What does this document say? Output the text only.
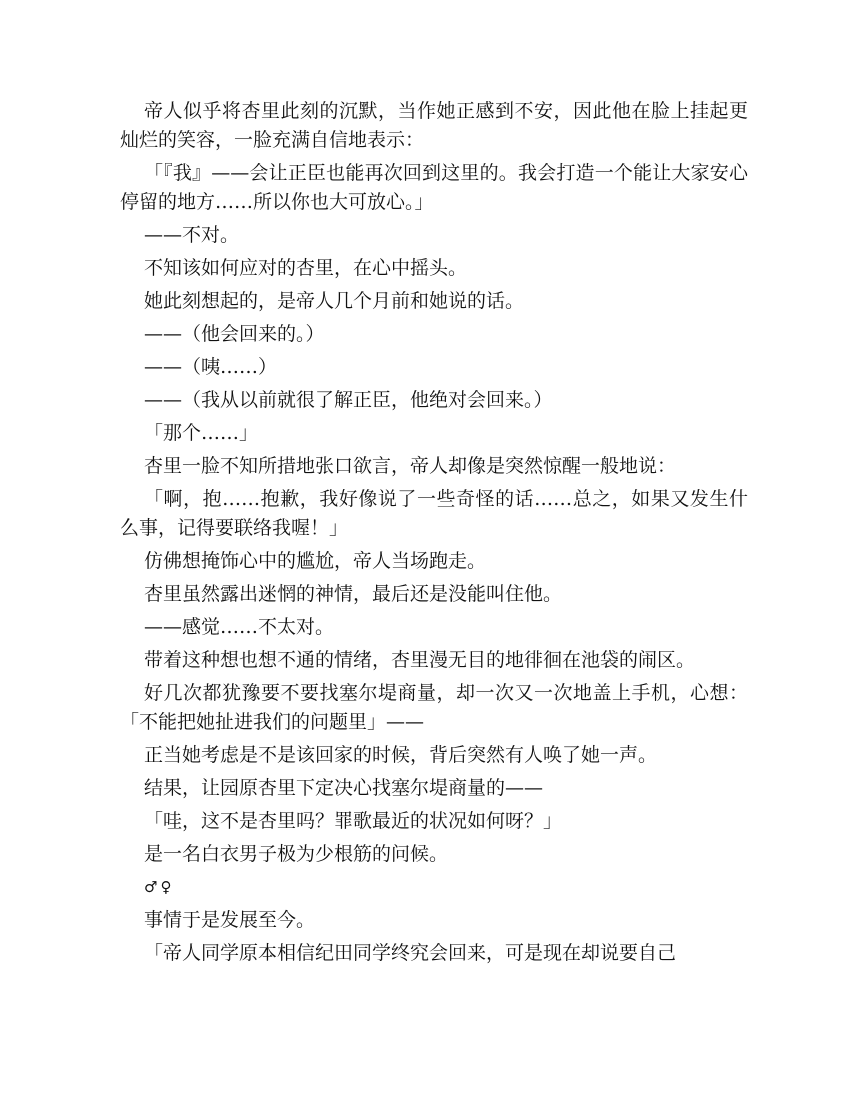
帝人似乎将杏里此刻的沉默，当作她正感到不安，因此他在脸上挂起更灿烂的笑容，一脸充满自信地表示：

「『我』——会让正臣也能再次回到这里的。我会打造一个能让大家安心停留的地方……所以你也大可放心。」

——不对。

不知该如何应对的杏里，在心中摇头。

她此刻想起的，是帝人几个月前和她说的话。

——（他会回来的。）

——（咦……）

——（我从以前就很了解正臣，他绝对会回来。）

「那个……」

杏里一脸不知所措地张口欲言，帝人却像是突然惊醒一般地说：

「啊，抱……抱歉，我好像说了一些奇怪的话……总之，如果又发生什么事，记得要联络我喔！」

仿佛想掩饰心中的尴尬，帝人当场跑走。

杏里虽然露出迷惘的神情，最后还是没能叫住他。

——感觉……不太对。

带着这种想也想不通的情绪，杏里漫无目的地徘徊在池袋的闹区。

好几次都犹豫要不要找塞尔堤商量，却一次又一次地盖上手机，心想：「不能把她扯进我们的问题里」——

正当她考虑是不是该回家的时候，背后突然有人唤了她一声。

结果，让园原杏里下定决心找塞尔堤商量的——

「哇，这不是杏里吗？罪歌最近的状况如何呀？」

是一名白衣男子极为少根筋的问候。

♂♀

事情于是发展至今。

「帝人同学原本相信纪田同学终究会回来，可是现在却说要自己
